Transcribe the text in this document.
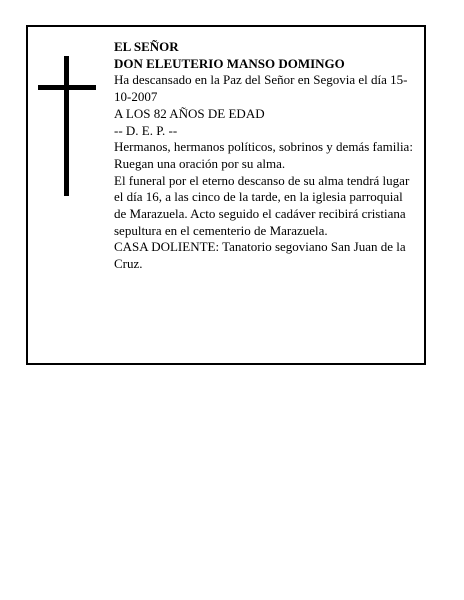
EL SEÑOR

DON ELEUTERIO MANSO DOMINGO

Ha descansado en la Paz del Señor en Segovia el día 15-10-2007

A LOS 82 AÑOS DE EDAD

-- D. E. P. --

Hermanos, hermanos políticos, sobrinos y demás familia:

Ruegan una oración por su alma.

El funeral por el eterno descanso de su alma tendrá lugar el día 16, a las cinco de la tarde, en la iglesia parroquial de Marazuela. Acto seguido el cadáver recibirá cristiana sepultura en el cementerio de Marazuela.

CASA DOLIENTE: Tanatorio segoviano San Juan de la Cruz.
